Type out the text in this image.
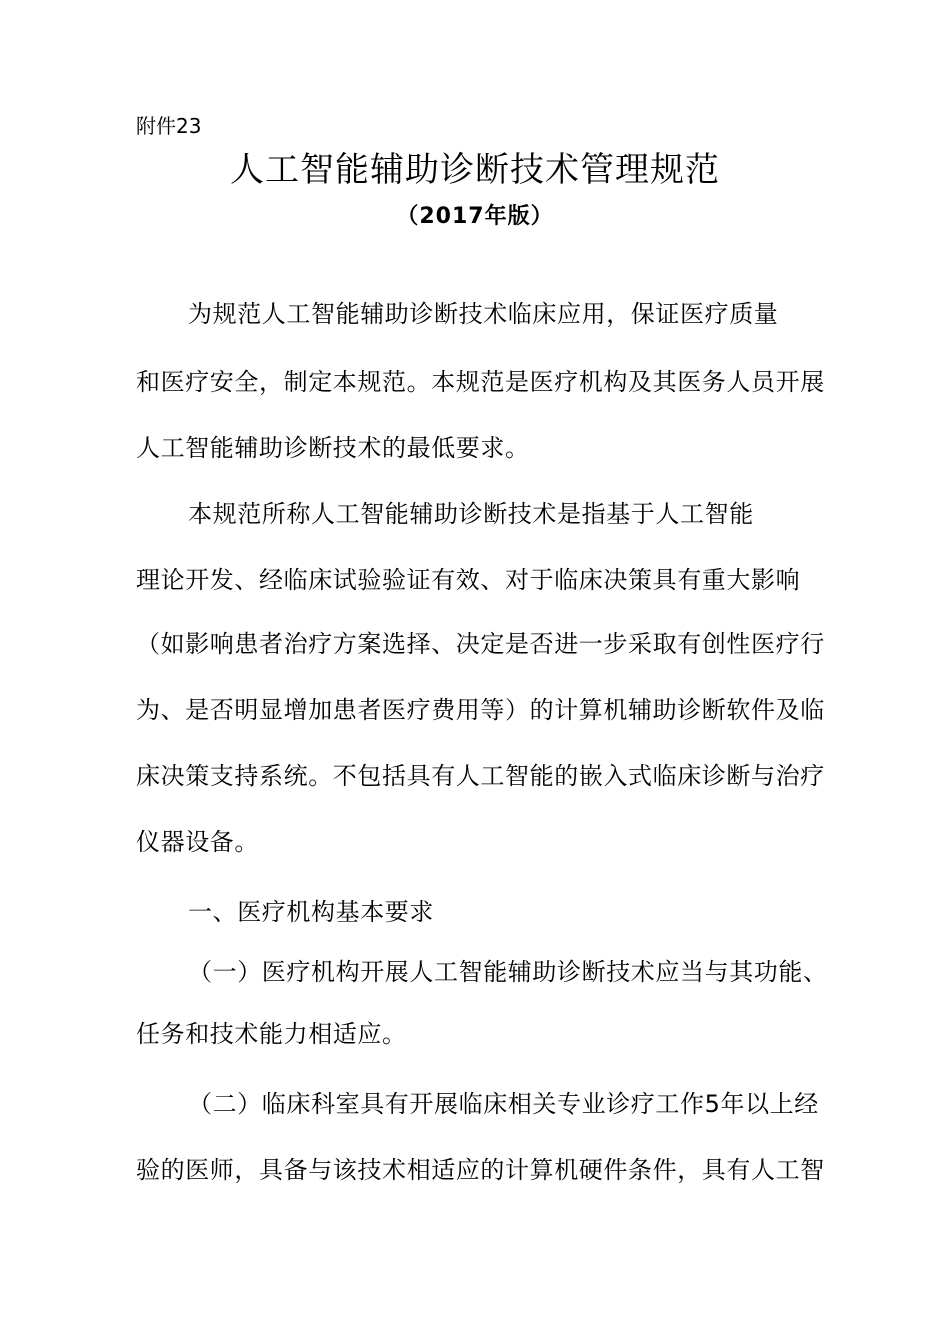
附件23
人工智能辅助诊断技术管理规范
（2017年版）
为规范人工智能辅助诊断技术临床应用，保证医疗质量
和医疗安全，制定本规范。本规范是医疗机构及其医务人员开展
人工智能辅助诊断技术的最低要求。
本规范所称人工智能辅助诊断技术是指基于人工智能
理论开发、经临床试验验证有效、对于临床决策具有重大影响
（如影响患者治疗方案选择、决定是否进一步采取有创性医疗行
为、是否明显增加患者医疗费用等）的计算机辅助诊断软件及临
床决策支持系统。不包括具有人工智能的嵌入式临床诊断与治疗
仪器设备。
一、医疗机构基本要求
（一）医疗机构开展人工智能辅助诊断技术应当与其功能、
任务和技术能力相适应。
（二）临床科室具有开展临床相关专业诊疗工作5年以上经
验的医师，具备与该技术相适应的计算机硬件条件，具有人工智
